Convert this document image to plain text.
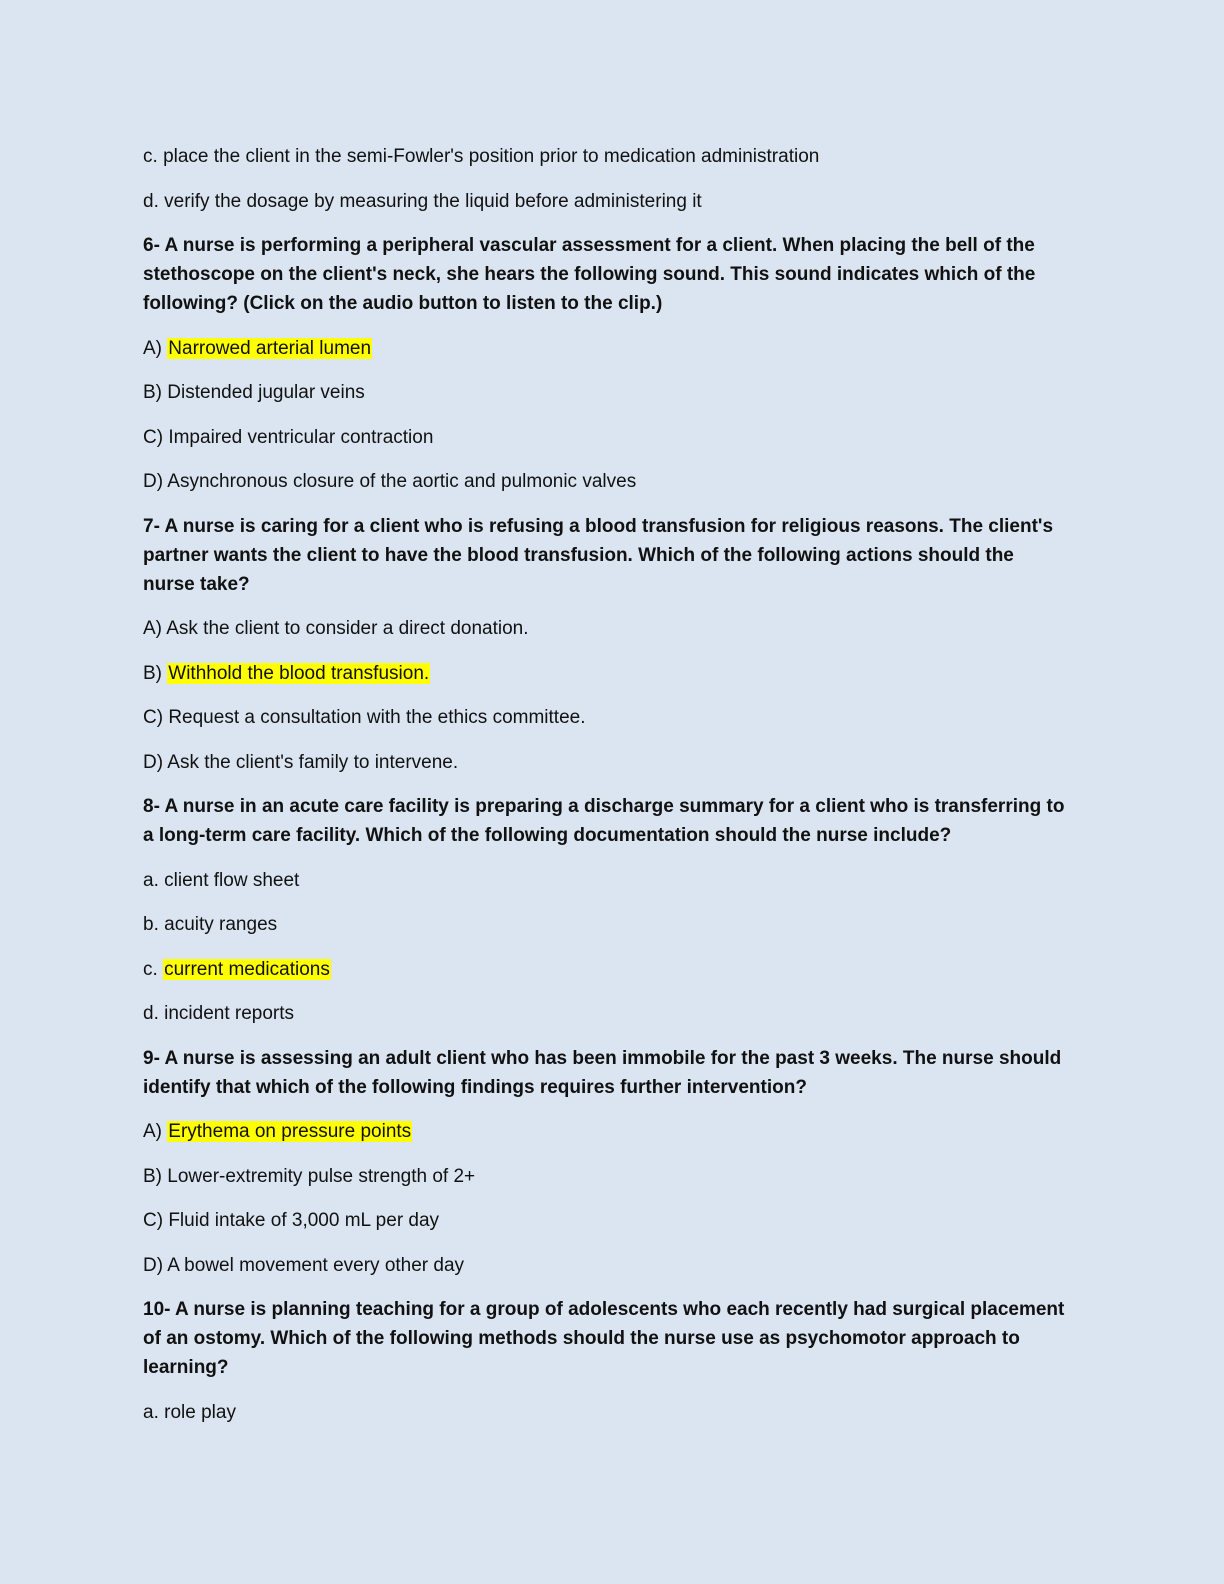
c. place the client in the semi-Fowler's position prior to medication administration
d. verify the dosage by measuring the liquid before administering it
6- A nurse is performing a peripheral vascular assessment for a client. When placing the bell of the stethoscope on the client's neck, she hears the following sound. This sound indicates which of the following? (Click on the audio button to listen to the clip.)
A) Narrowed arterial lumen
B) Distended jugular veins
C) Impaired ventricular contraction
D) Asynchronous closure of the aortic and pulmonic valves
7- A nurse is caring for a client who is refusing a blood transfusion for religious reasons. The client's partner wants the client to have the blood transfusion. Which of the following actions should the nurse take?
A) Ask the client to consider a direct donation.
B) Withhold the blood transfusion.
C) Request a consultation with the ethics committee.
D) Ask the client's family to intervene.
8- A nurse in an acute care facility is preparing a discharge summary for a client who is transferring to a long-term care facility. Which of the following documentation should the nurse include?
a. client flow sheet
b. acuity ranges
c. current medications
d. incident reports
9- A nurse is assessing an adult client who has been immobile for the past 3 weeks. The nurse should identify that which of the following findings requires further intervention?
A) Erythema on pressure points
B) Lower-extremity pulse strength of 2+
C) Fluid intake of 3,000 mL per day
D) A bowel movement every other day
10- A nurse is planning teaching for a group of adolescents who each recently had surgical placement of an ostomy. Which of the following methods should the nurse use as psychomotor approach to learning?
a. role play
